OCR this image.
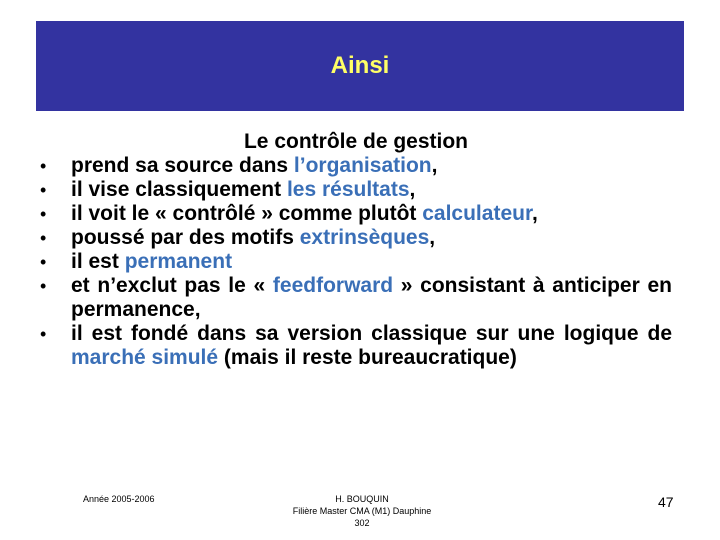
Ainsi
Le contrôle de gestion
• prend sa source dans l’organisation,
• il vise classiquement les résultats,
• il voit le « contrôlé » comme plutôt calculateur,
• poussé par des motifs extrinsèques,
• il est permanent
• et n’exclut pas le « feedforward » consistant à anticiper en permanence,
• il est fondé dans sa version classique sur une logique de marché simulé (mais il reste bureaucratique)
Année 2005-2006	H. BOUQUIN
Filière Master CMA (M1) Dauphine
302
47
